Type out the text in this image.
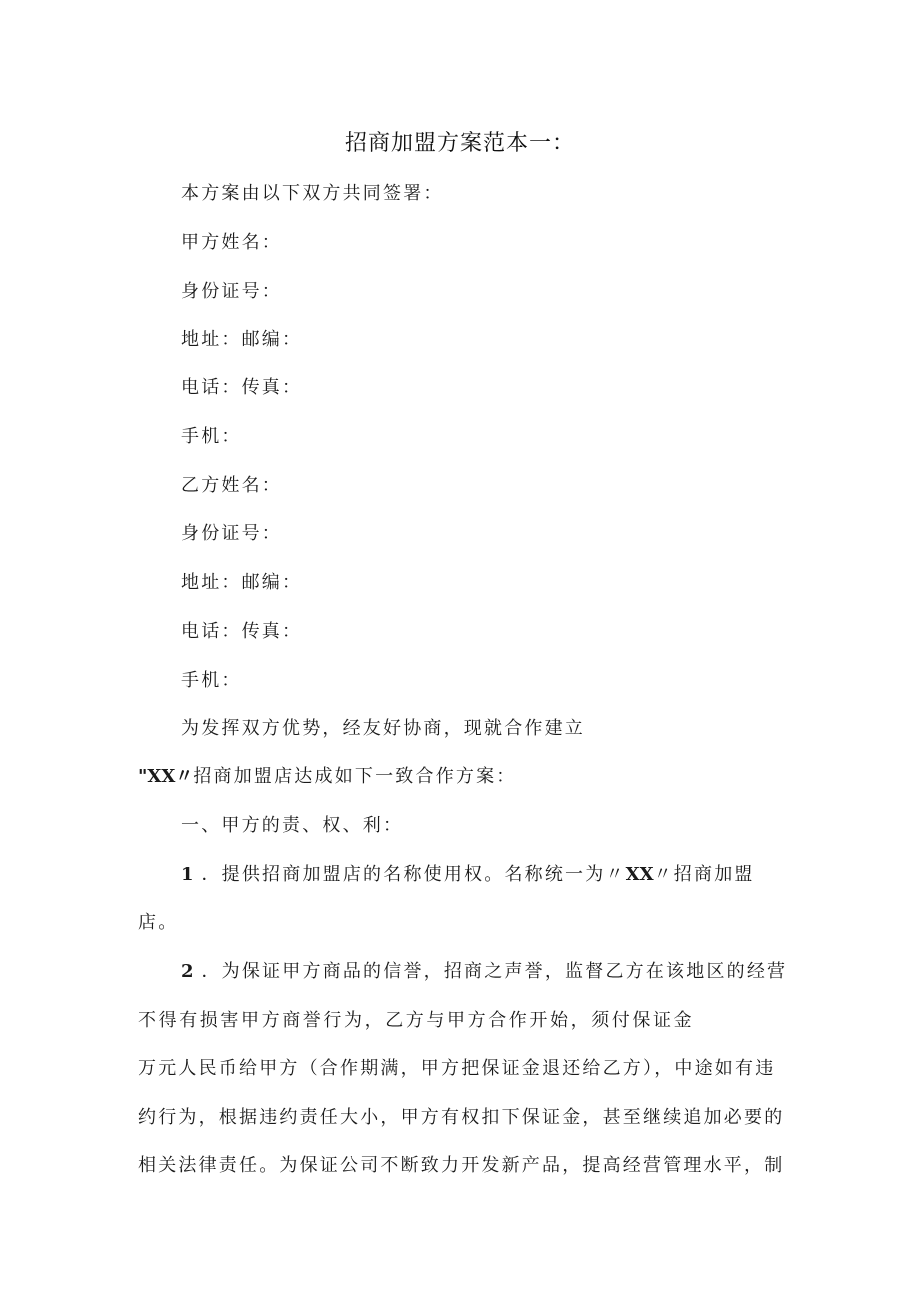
招商加盟方案范本一：
本方案由以下双方共同签署：
甲方姓名：
身份证号：
地址：邮编：
电话：传真：
手机：
乙方姓名：
身份证号：
地址：邮编：
电话：传真：
手机：
为发挥双方优势，经友好协商，现就合作建立
"XX〃招商加盟店达成如下一致合作方案：
一、甲方的责、权、利：
1 ．提供招商加盟店的名称使用权。名称统一为〃XX〃招商加盟
店。
2 ．为保证甲方商品的信誉，招商之声誉，监督乙方在该地区的经营
不得有损害甲方商誉行为，乙方与甲方合作开始，须付保证金
万元人民币给甲方（合作期满，甲方把保证金退还给乙方），中途如有违
约行为，根据违约责任大小，甲方有权扣下保证金，甚至继续追加必要的
相关法律责任。为保证公司不断致力开发新产品，提高经营管理水平，制
